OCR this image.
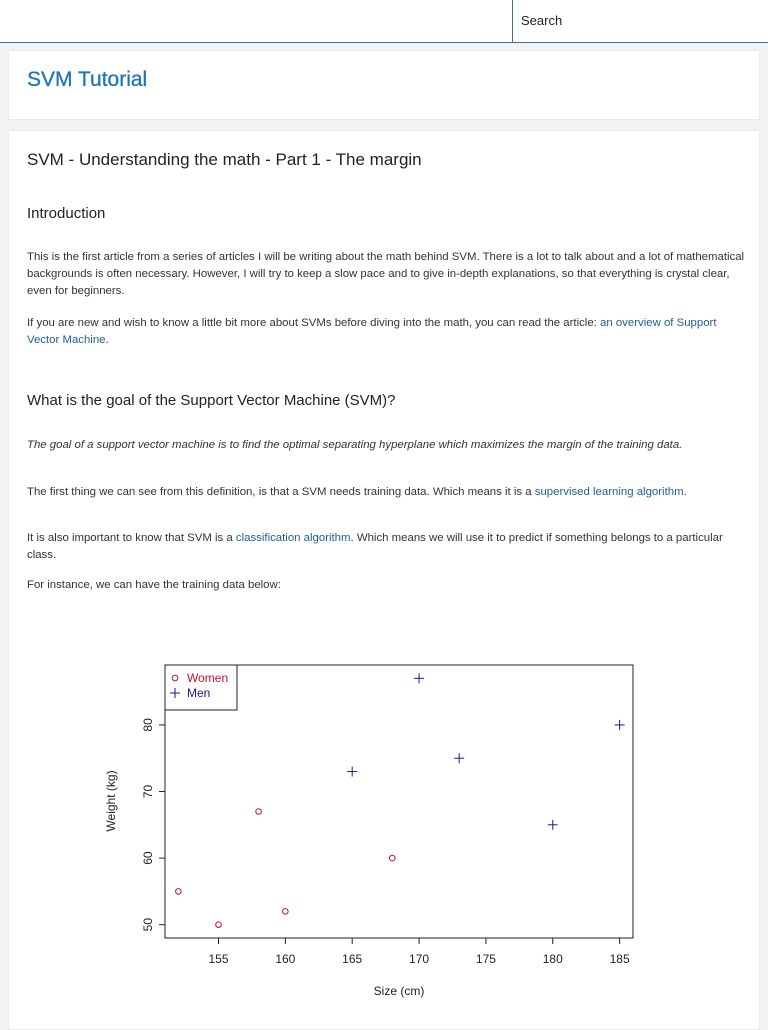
Search
SVM Tutorial
SVM - Understanding the math - Part 1 - The margin
Introduction

This is the first article from a series of articles I will be writing about the math behind SVM. There is a lot to talk about and a lot of mathematical backgrounds is often necessary. However, I will try to keep a slow pace and to give in-depth explanations, so that everything is crystal clear, even for beginners.

If you are new and wish to know a little bit more about SVMs before diving into the math, you can read the article: an overview of Support Vector Machine.

What is the goal of the Support Vector Machine (SVM)?

The goal of a support vector machine is to find the optimal separating hyperplane which maximizes the margin of the training data.

The first thing we can see from this definition, is that a SVM needs training data. Which means it is a supervised learning algorithm.

It is also important to know that SVM is a classification algorithm. Which means we will use it to predict if something belongs to a particular class.

For instance, we can have the training data below:

155	160	165	170	175	180	185
50
60
70
80
Size (cm)
Weight (kg)
Women
Men
